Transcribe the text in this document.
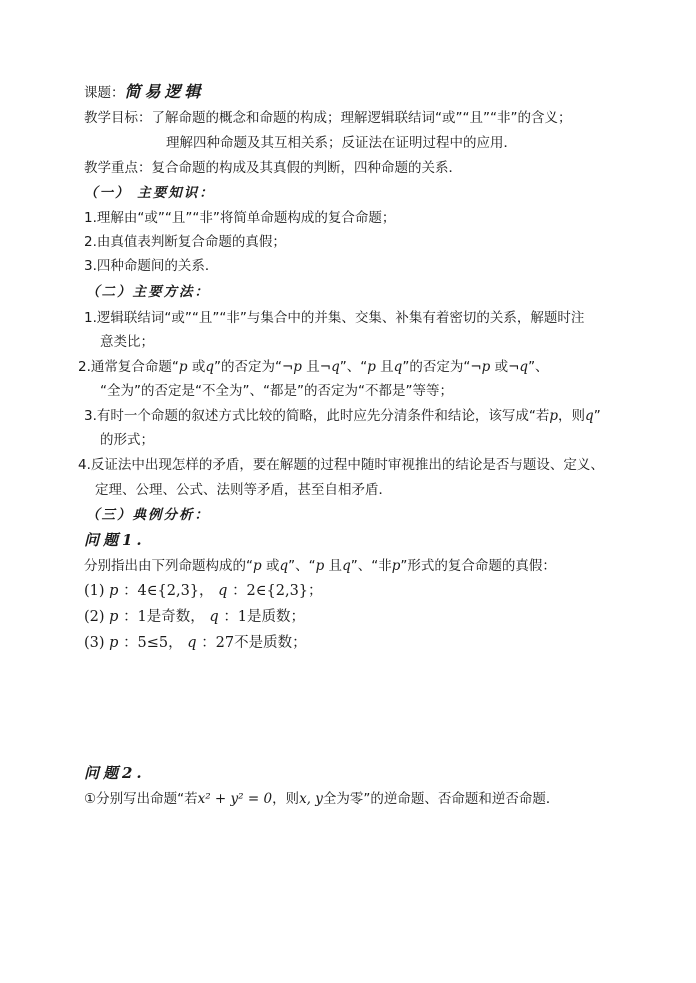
课题：简易逻辑
教学目标：了解命题的概念和命题的构成；理解逻辑联结词“或”“且”“非”的含义；
理解四种命题及其互相关系；反证法在证明过程中的应用．
教学重点：复合命题的构成及其真假的判断，四种命题的关系．
（一） 主要知识：
1.理解由“或”“且”“非”将简单命题构成的复合命题；
2.由真值表判断复合命题的真假；
3.四种命题间的关系．
（二）主要方法：
1.逻辑联结词“或”“且”“非”与集合中的并集、交集、补集有着密切的关系，解题时注
意类比；
2.通常复合命题“p 或q”的否定为“¬p 且¬q”、“p 且q”的否定为“¬p 或¬q”、
“全为”的否定是“不全为”、“都是”的否定为“不都是”等等；
3.有时一个命题的叙述方式比较的简略，此时应先分清条件和结论，该写成“若p，则q”
的形式；
4.反证法中出现怎样的矛盾，要在解题的过程中随时审视推出的结论是否与题设、定义、
定理、公理、公式、法则等矛盾，甚至自相矛盾．
（三）典例分析：
问题1.
分别指出由下列命题构成的“p 或q”、“p 且q”、“非p”形式的复合命题的真假：
(1) p ：4∈{2,3}， q ：2∈{2,3}；
(2) p ：1是奇数， q ：1是质数；
(3) p ：5≤5， q ：27不是质数；
问题2.
①分别写出命题“若x² + y² = 0，则x, y全为零”的逆命题、否命题和逆否命题．
